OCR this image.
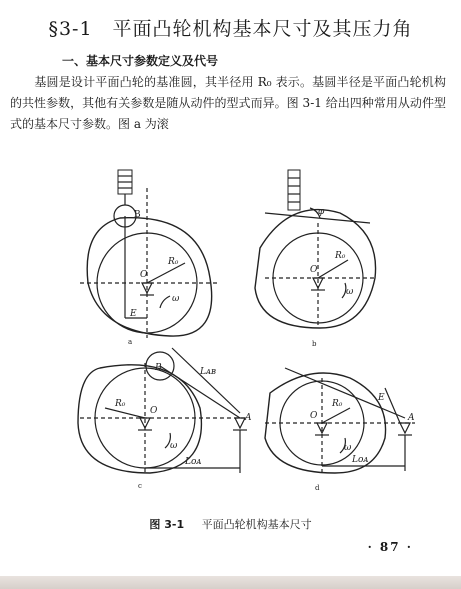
§3-1　平面凸轮机构基本尺寸及其压力角
一、基本尺寸参数定义及代号

　　基圆是设计平面凸轮的基准圆，其半径用 R₀ 表示。基圆半径是平面凸轮机构的共性参数，其他有关参数是随从动件的型式而异。图 3-1 给出四种常用从动件型式的基本尺寸参数。图 a 为滚

B
O
R₀
E
ω
a
O
R₀
ω
φ
b
B
O
R₀
A
Lᴀʙ
Lᴏᴀ
ω
c
O
R₀
A
E
Lᴏᴀ
ω
d
图 3-1 平面凸轮机构基本尺寸
· 87 ·
